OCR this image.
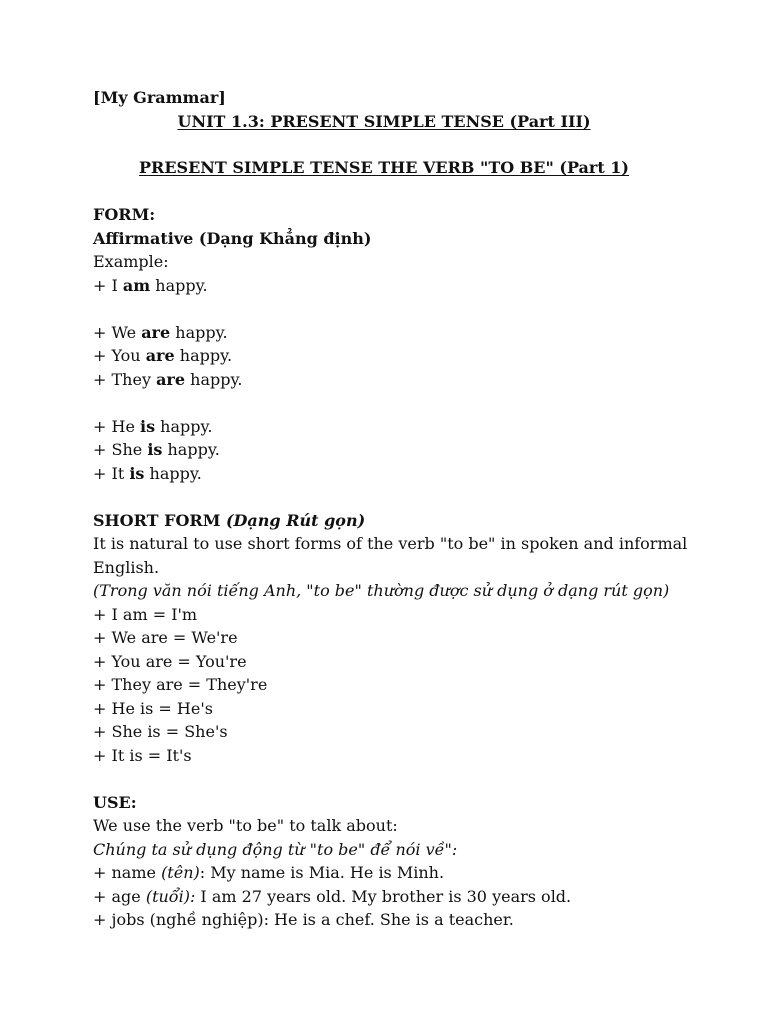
[My Grammar]
UNIT 1.3: PRESENT SIMPLE TENSE (Part III)
PRESENT SIMPLE TENSE THE VERB "TO BE" (Part 1)
FORM:
Affirmative (Dạng Khẳng định)
Example:
+ I am happy.
+ We are happy.
+ You are happy.
+ They are happy.
+ He is happy.
+ She is happy.
+ It is happy.
SHORT FORM (Dạng Rút gọn)
It is natural to use short forms of the verb "to be" in spoken and informal
English.
(Trong văn nói tiếng Anh, "to be" thường được sử dụng ở dạng rút gọn)
+ I am = I'm
+ We are = We're
+ You are = You're
+ They are = They're
+ He is = He's
+ She is = She's
+ It is = It's
USE:
We use the verb "to be" to talk about:
Chúng ta sử dụng động từ "to be" để nói về":
+ name (tên): My name is Mia. He is Minh.
+ age (tuổi): I am 27 years old. My brother is 30 years old.
+ jobs (nghề nghiệp): He is a chef. She is a teacher.
